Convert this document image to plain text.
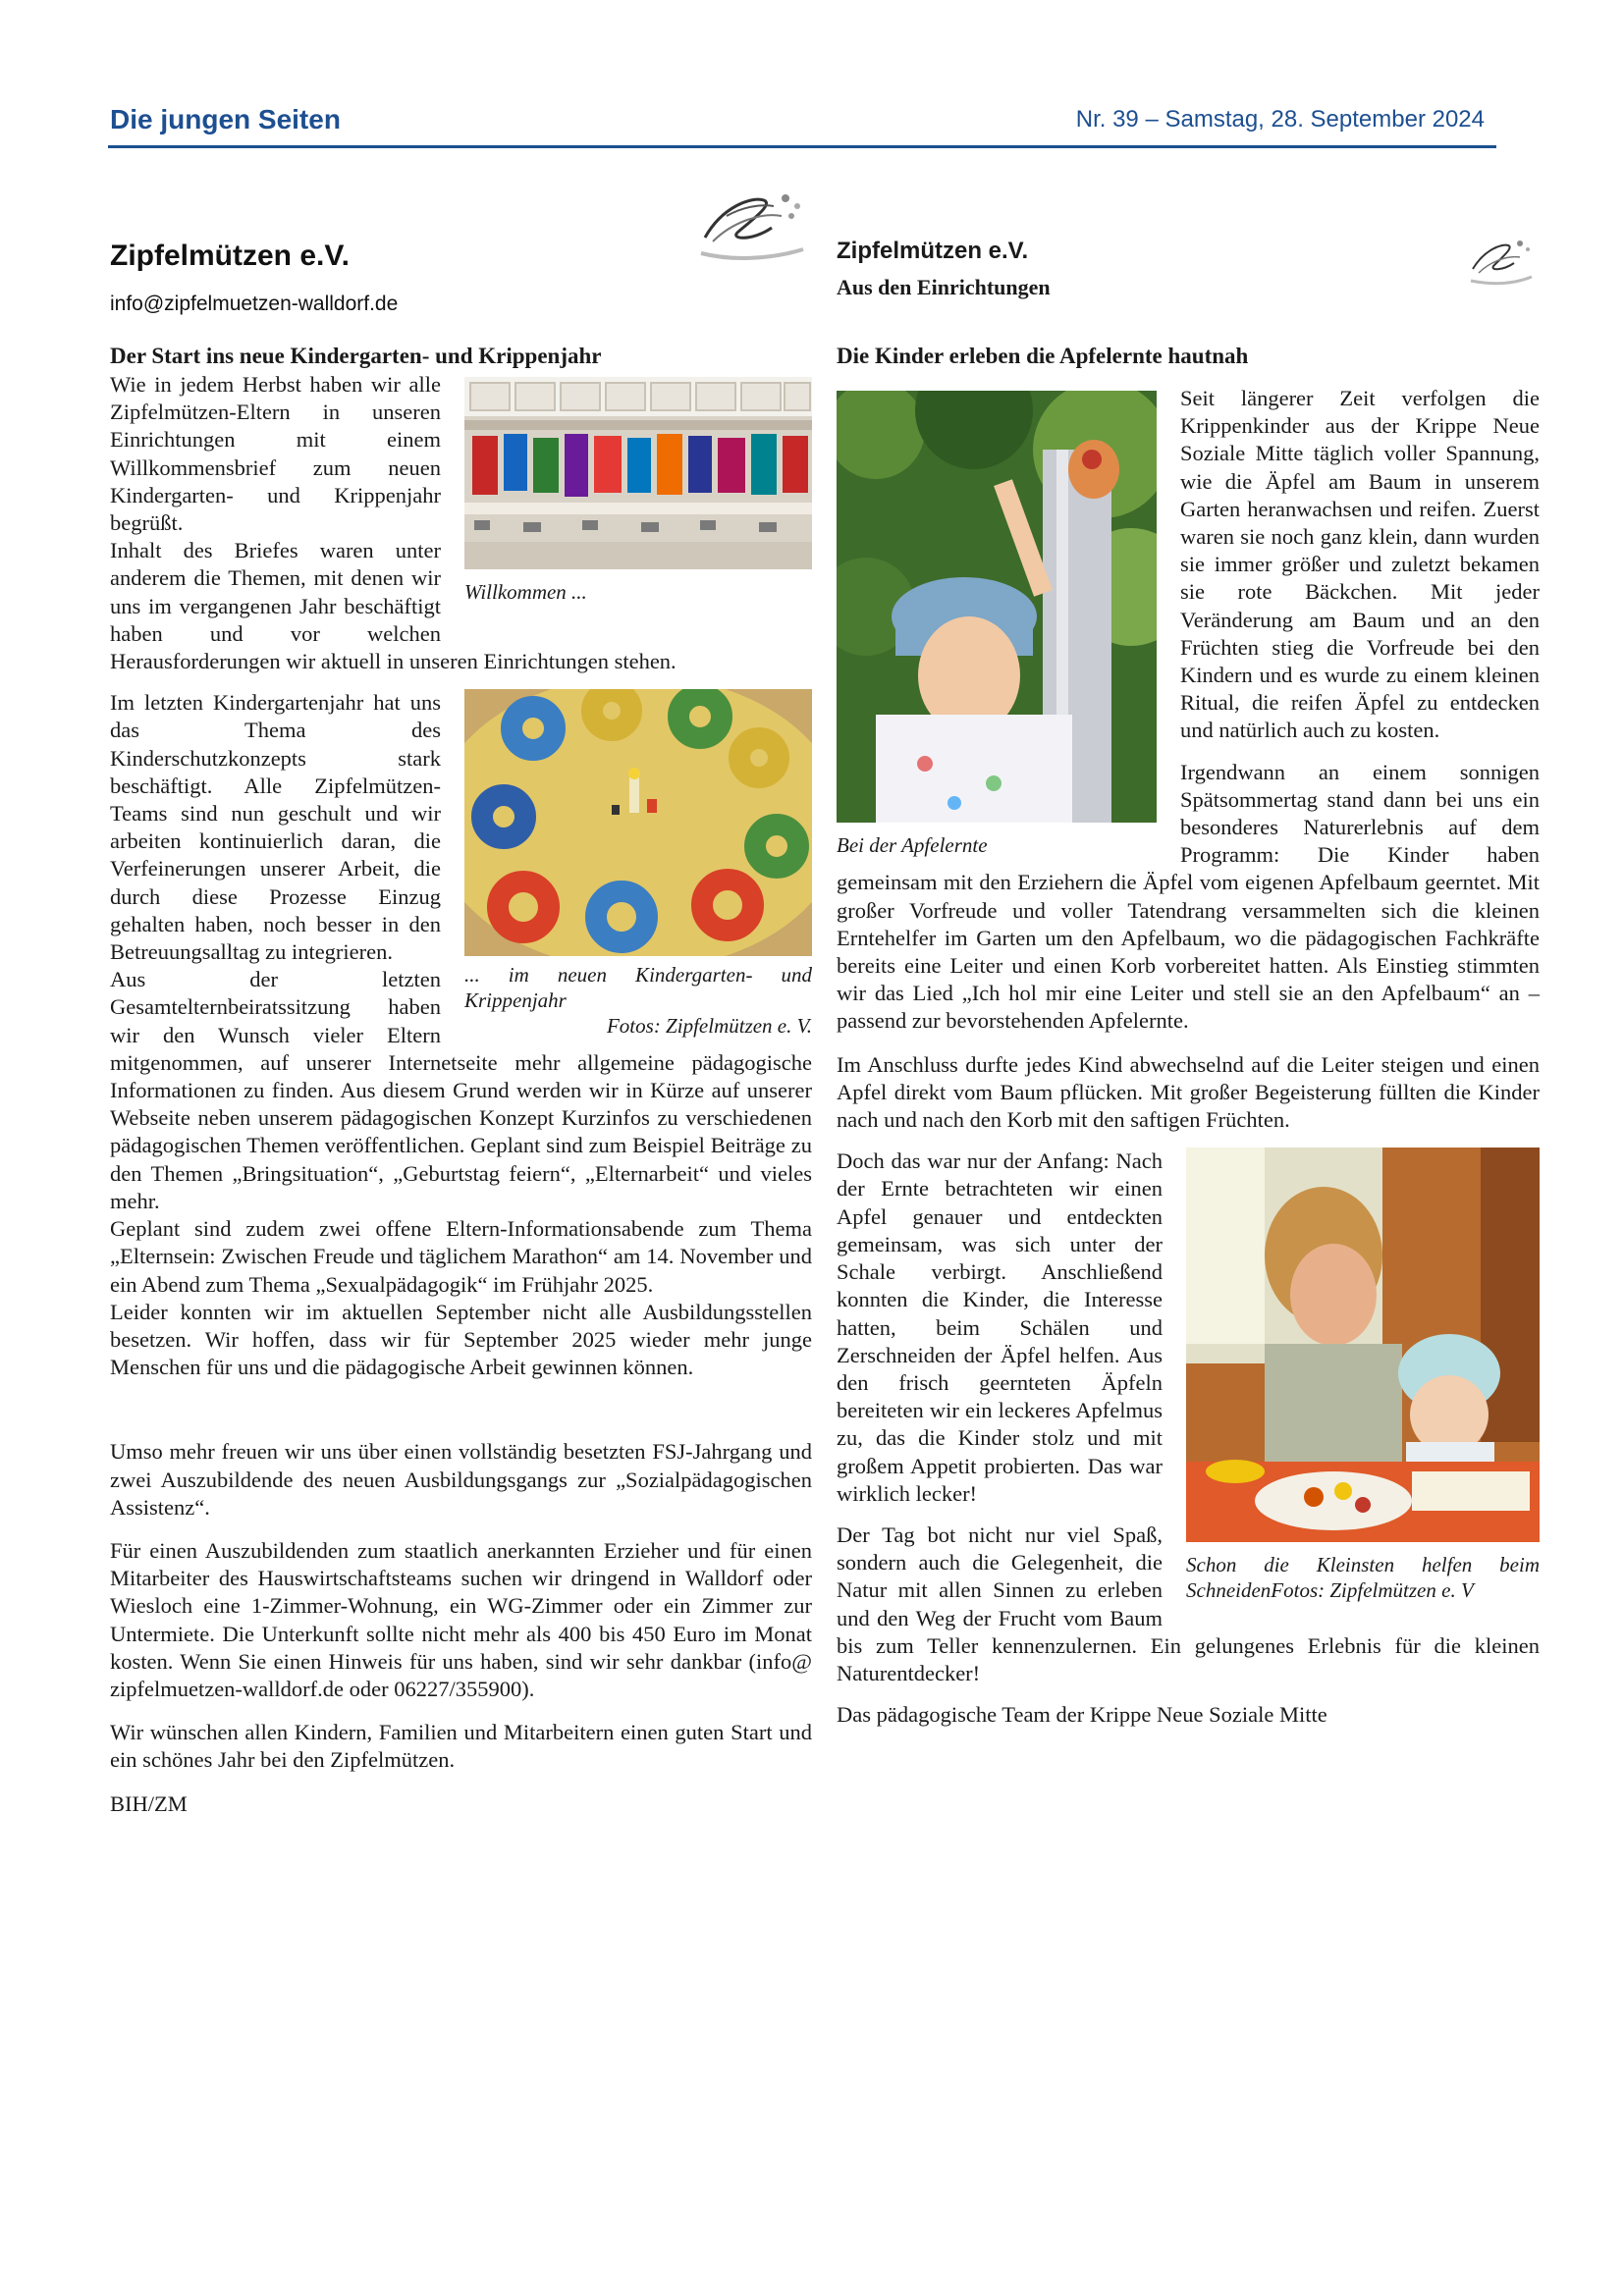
Die jungen Seiten	Nr. 39 – Samstag, 28. September 2024
Zipfelmützen e.V.
info@zipfelmuetzen-walldorf.de
Der Start ins neue Kindergarten- und Krippenjahr
Willkommen ...

Wie in jedem Herbst haben wir alle Zipfelmützen-Eltern in unseren Einrichtungen mit einem Willkommensbrief zum neuen Kindergarten- und Krippenjahr begrüßt.

Inhalt des Briefes waren unter anderem die Themen, mit denen wir uns im vergangenen Jahr beschäftigt haben und vor welchen Herausforderungen wir aktuell in unseren Einrichtungen stehen.

... im neuen Kindergarten- und Krippenjahr
Fotos: Zipfelmützen e. V.

Im letzten Kindergartenjahr hat uns das Thema des Kinderschutzkonzepts stark beschäftigt. Alle Zipfelmützen-Teams sind nun geschult und wir arbeiten kontinuierlich daran, die Verfeinerungen unserer Arbeit, die durch diese Prozesse Einzug gehalten haben, noch besser in den Betreuungsalltag zu integrieren.

Aus der letzten Gesamtelternbeiratssitzung haben wir den Wunsch vieler Eltern mitgenommen, auf unserer Internetseite mehr allgemeine pädagogische Informationen zu finden. Aus diesem Grund werden wir in Kürze auf unserer Webseite neben unserem pädagogischen Konzept Kurzinfos zu verschiedenen pädagogischen Themen veröffentlichen. Geplant sind zum Beispiel Beiträge zu den Themen „Bringsituation“, „Geburtstag feiern“, „Elternarbeit“ und vieles mehr.

Geplant sind zudem zwei offene Eltern-Informationsabende zum Thema „Elternsein: Zwischen Freude und täglichem Marathon“ am 14. November und ein Abend zum Thema „Sexualpädagogik“ im Frühjahr 2025.

Leider konnten wir im aktuellen September nicht alle Ausbildungsstellen besetzen. Wir hoffen, dass wir für September 2025 wieder mehr junge Menschen für uns und die pädagogische Arbeit gewinnen können.

Umso mehr freuen wir uns über einen vollständig besetzten FSJ-Jahrgang und zwei Auszubildende des neuen Ausbildungsgangs zur „Sozialpädagogischen Assistenz“.

Für einen Auszubildenden zum staatlich anerkannten Erzieher und für einen Mitarbeiter des Hauswirtschaftsteams suchen wir dringend in Walldorf oder Wiesloch eine 1-Zimmer-Wohnung, ein WG-Zimmer oder ein Zimmer zur Untermiete. Die Unterkunft sollte nicht mehr als 400 bis 450 Euro im Monat kosten. Wenn Sie einen Hinweis für uns haben, sind wir sehr dankbar (info@ zipfelmuetzen-walldorf.de oder 06227/355900).

Wir wünschen allen Kindern, Familien und Mitarbeitern einen guten Start und ein schönes Jahr bei den Zipfelmützen.

BIH/ZM

Zipfelmützen e.V.
Aus den Einrichtungen
Die Kinder erleben die Apfelernte hautnah
Bei der Apfelernte

Seit längerer Zeit verfolgen die Krippenkinder aus der Krippe Neue Soziale Mitte täglich voller Spannung, wie die Äpfel am Baum in unserem Garten heranwachsen und reifen. Zuerst waren sie noch ganz klein, dann wurden sie immer größer und zuletzt bekamen sie rote Bäckchen. Mit jeder Veränderung am Baum und an den Früchten stieg die Vorfreude bei den Kindern und es wurde zu einem kleinen Ritual, die reifen Äpfel zu entdecken und natürlich auch zu kosten.

Irgendwann an einem sonnigen Spätsommertag stand dann bei uns ein besonderes Naturerlebnis auf dem Programm: Die Kinder haben gemeinsam mit den Erziehern die Äpfel vom eigenen Apfelbaum geerntet. Mit großer Vorfreude und voller Tatendrang versammelten sich die kleinen Erntehelfer im Garten um den Apfelbaum, wo die pädagogischen Fachkräfte bereits eine Leiter und einen Korb vorbereitet hatten. Als Einstieg stimmten wir das Lied „Ich hol mir eine Leiter und stell sie an den Apfelbaum“ an – passend zur bevorstehenden Apfelernte.

Im Anschluss durfte jedes Kind abwechselnd auf die Leiter steigen und einen Apfel direkt vom Baum pflücken. Mit großer Begeisterung füllten die Kinder nach und nach den Korb mit den saftigen Früchten.

Schon die Kleinsten helfen beim SchneidenFotos: Zipfelmützen e. V

Doch das war nur der Anfang: Nach der Ernte betrachteten wir einen Apfel genauer und entdeckten gemeinsam, was sich unter der Schale verbirgt. Anschließend konnten die Kinder, die Interesse hatten, beim Schälen und Zerschneiden der Äpfel helfen. Aus den frisch geernteten Äpfeln bereiteten wir ein leckeres Apfelmus zu, das die Kinder stolz und mit großem Appetit probierten. Das war wirklich lecker!

Der Tag bot nicht nur viel Spaß, sondern auch die Gelegenheit, die Natur mit allen Sinnen zu erleben und den Weg der Frucht vom Baum bis zum Teller kennenzulernen. Ein gelungenes Erlebnis für die kleinen Naturentdecker!

Das pädagogische Team der Krippe Neue Soziale Mitte
